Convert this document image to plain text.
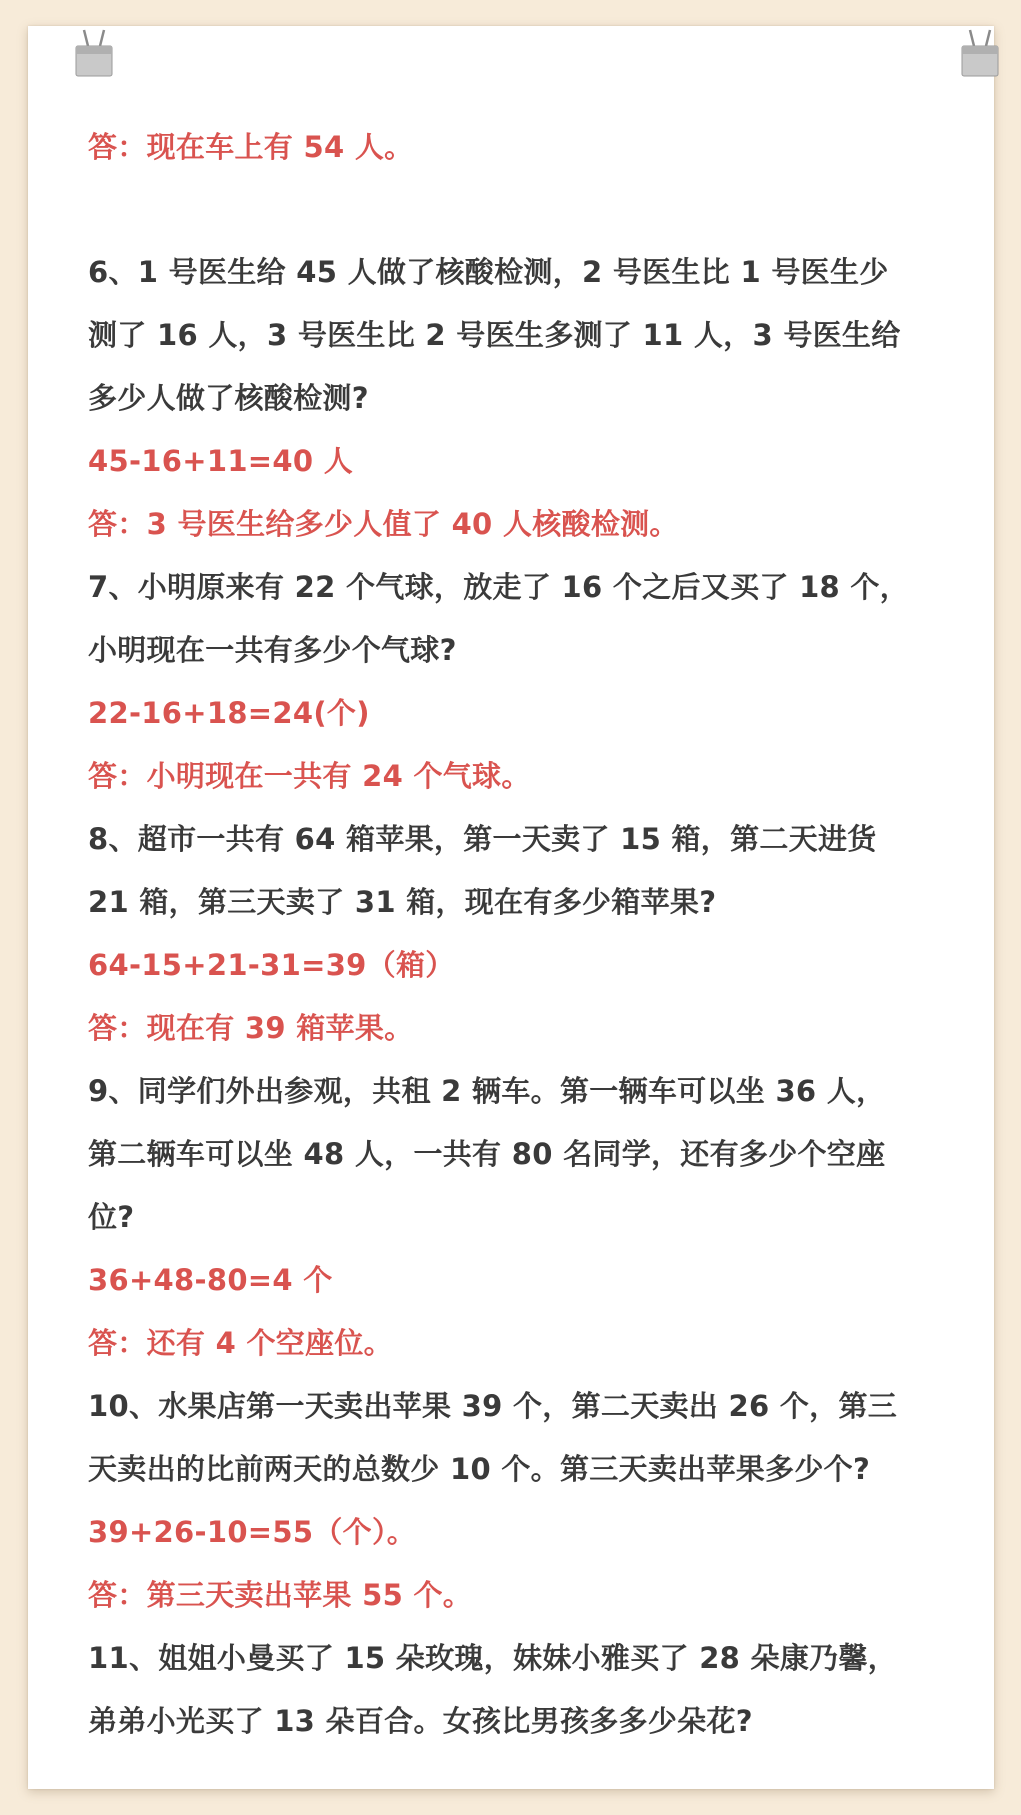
答：现在车上有 54 人。
6、1 号医生给 45 人做了核酸检测，2 号医生比 1 号医生少
测了 16 人，3 号医生比 2 号医生多测了 11 人，3 号医生给
多少人做了核酸检测?
45-16+11=40 人
答：3 号医生给多少人值了 40 人核酸检测。
7、小明原来有 22 个气球，放走了 16 个之后又买了 18 个，
小明现在一共有多少个气球?
22-16+18=24(个)
答：小明现在一共有 24 个气球。
8、超市一共有 64 箱苹果，第一天卖了 15 箱，第二天进货
21 箱，第三天卖了 31 箱，现在有多少箱苹果?
64-15+21-31=39（箱）
答：现在有 39 箱苹果。
9、同学们外出参观，共租 2 辆车。第一辆车可以坐 36 人，
第二辆车可以坐 48 人，一共有 80 名同学，还有多少个空座
位?
36+48-80=4 个
答：还有 4 个空座位。
10、水果店第一天卖出苹果 39 个，第二天卖出 26 个，第三
天卖出的比前两天的总数少 10 个。第三天卖出苹果多少个?
39+26-10=55（个）。
答：第三天卖出苹果 55 个。
11、姐姐小曼买了 15 朵玫瑰，妹妹小雅买了 28 朵康乃馨，
弟弟小光买了 13 朵百合。女孩比男孩多多少朵花?
